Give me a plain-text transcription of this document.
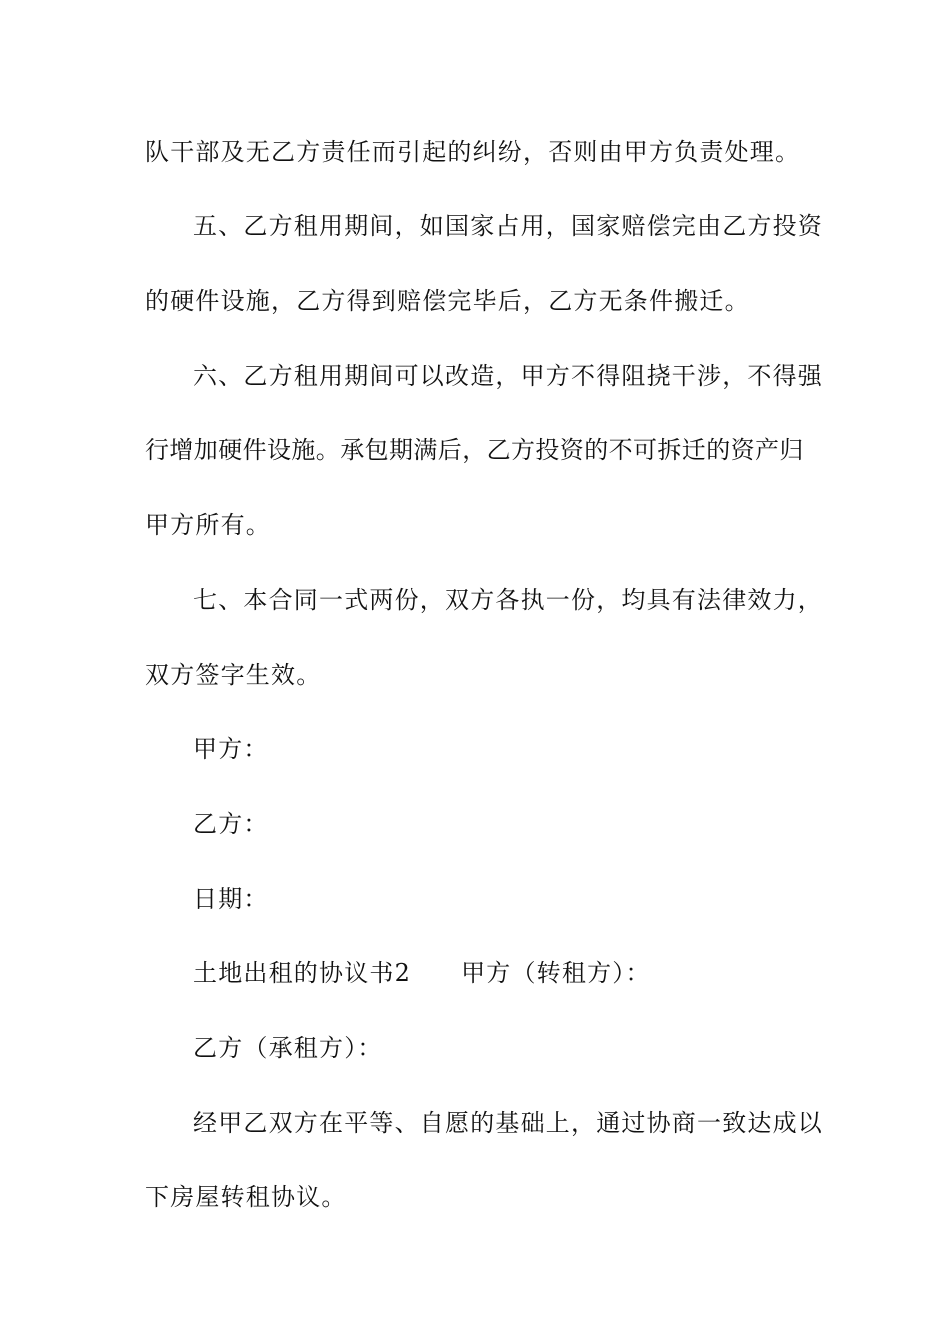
队干部及无乙方责任而引起的纠纷，否则由甲方负责处理。
五、乙方租用期间，如国家占用，国家赔偿完由乙方投资
的硬件设施，乙方得到赔偿完毕后，乙方无条件搬迁。
六、乙方租用期间可以改造，甲方不得阻挠干涉，不得强
行增加硬件设施。承包期满后，乙方投资的不可拆迁的资产归
甲方所有。
七、本合同一式两份，双方各执一份，均具有法律效力，
双方签字生效。
甲方：
乙方：
日期：
土地出租的协议书2 甲方（转租方）：
乙方（承租方）：
经甲乙双方在平等、自愿的基础上，通过协商一致达成以
下房屋转租协议。
